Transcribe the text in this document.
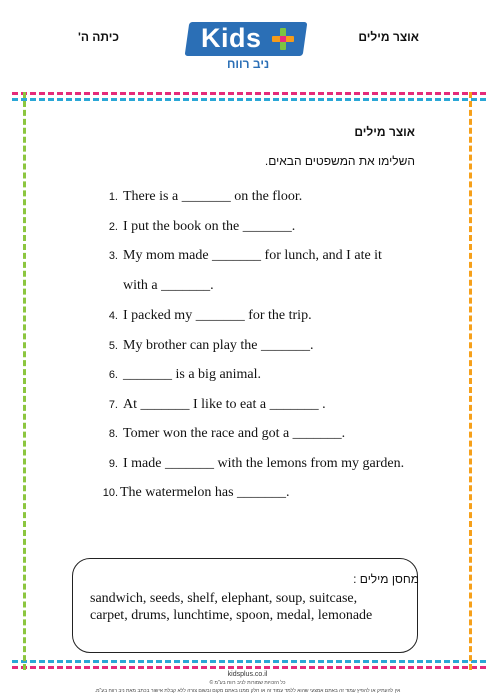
כיתה ה'	אוצר מילים
Kids
ניב רווח
אוצר מילים
השלימו את המשפטים הבאים.
1. There is a _______ on the floor.
2. I put the book on the _______.
3. My mom made _______ for lunch, and I ate it
with a _______.
4. I packed my _______ for the trip.
5. My brother can play the _______.
6. _______ is a big animal.
7. At _______ I like to eat a _______ .
8. Tomer won the race and got a _______.
9. I made _______ with the lemons from my garden.
10. The watermelon has _______.
מחסן מילים :
sandwich, seeds, shelf, elephant, soup, suitcase,
carpet, drums, lunchtime, spoon, medal, lemonade
kidsplus.co.il
כל הזכויות שמורות לניב רווח בע"מ ©
אין להעתיק או להפיץ עמוד זה באתם אמצעי שהוא ללמד עמוד זה או חלק ממנו באתם מקום ובשום צורה ללא קבלת אישור בכתב מאת ניב רווח בע"מ.
